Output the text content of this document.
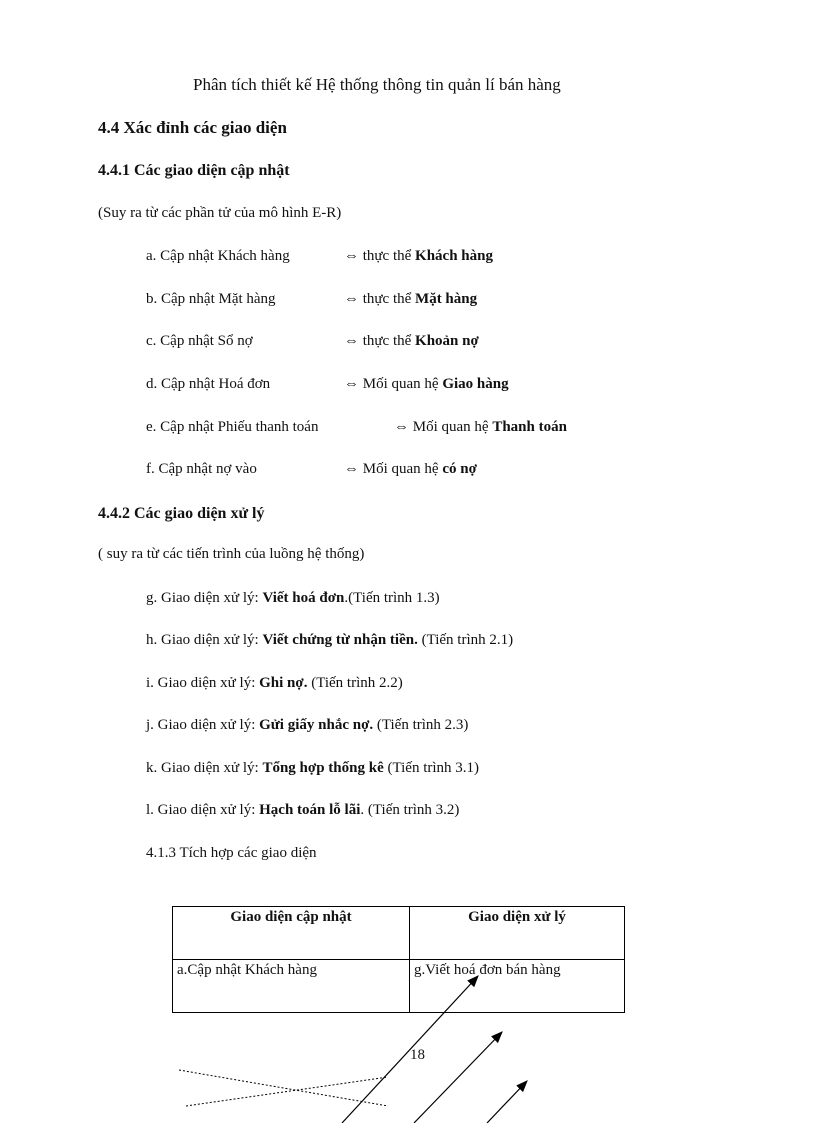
Phân tích thiết kế Hệ thống thông tin quản lí bán hàng
4.4 Xác đỉnh các giao diện
4.4.1 Các giao diện cập nhật
(Suy ra từ các phần tử của mô hình E-R)
a. Cập nhật Khách hàng	⇔ thực thể Khách hàng
b. Cập nhật Mặt hàng	⇔ thực thể Mặt hàng
c. Cập nhật Sổ nợ	⇔ thực thể Khoản nợ
d. Cập nhật Hoá đơn	⇔ Mối quan hệ Giao hàng
e. Cập nhật Phiếu thanh toán	⇔ Mối quan hệ Thanh toán
f. Cập nhật nợ vào	⇔ Mối quan hệ có nợ
4.4.2 Các giao diện xử lý
( suy ra từ các tiến trình của luồng hệ thống)
g. Giao diện xử lý: Viết hoá đơn.(Tiến trình 1.3)
h. Giao diện xử lý: Viết chứng từ nhận tiền. (Tiến trình 2.1)
i. Giao diện xử lý: Ghi nợ. (Tiến trình 2.2)
j. Giao diện xử lý: Gửi giấy nhắc nợ. (Tiến trình 2.3)
k. Giao diện xử lý: Tổng hợp thống kê (Tiến trình 3.1)
l. Giao diện xử lý: Hạch toán lỗ lãi. (Tiến trình 3.2)
4.1.3 Tích hợp các giao diện
Giao diện cập nhật	Giao diện xử lý
a.Cập nhật Khách hàng	g.Viết hoá đơn bán hàng
18
